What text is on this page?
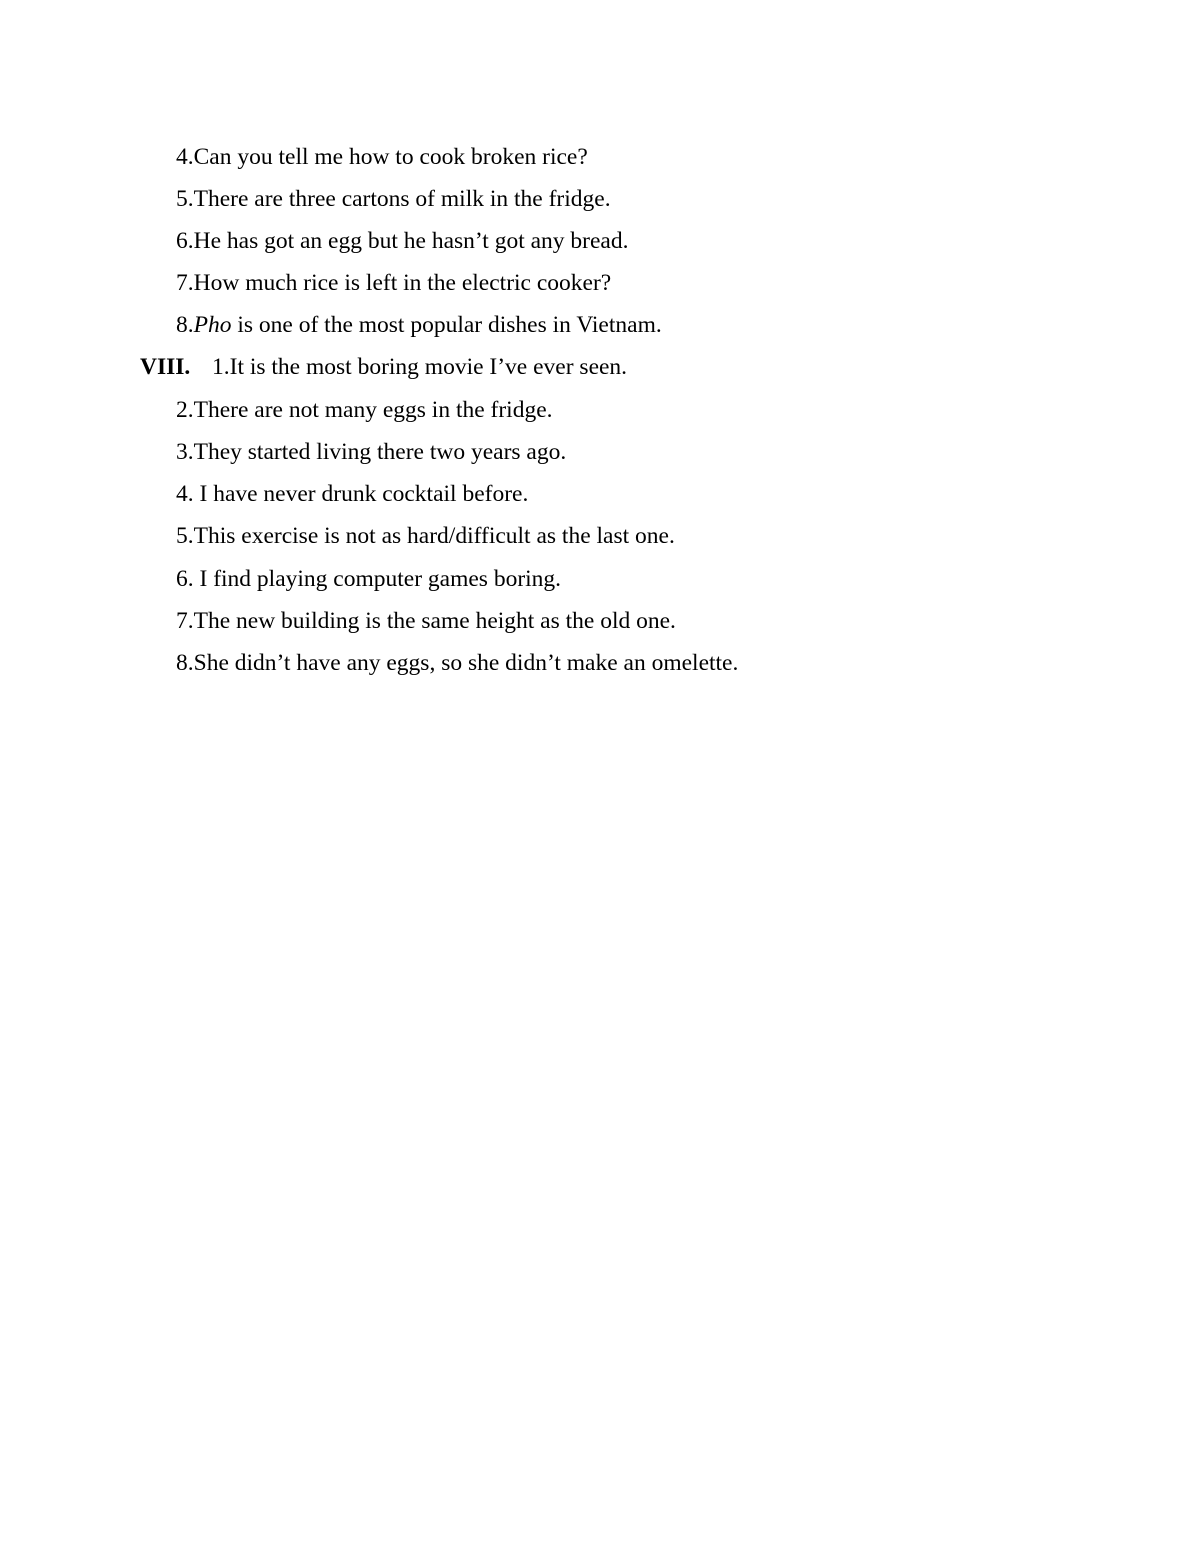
4.Can you tell me how to cook broken rice?
5.There are three cartons of milk in the fridge.
6.He has got an egg but he hasn’t got any bread.
7.How much rice is left in the electric cooker?
8.Pho is one of the most popular dishes in Vietnam.
VIII. 1.It is the most boring movie I’ve ever seen.
2.There are not many eggs in the fridge.
3.They started living there two years ago.
4. I have never drunk cocktail before.
5.This exercise is not as hard/difficult as the last one.
6. I find playing computer games boring.
7.The new building is the same height as the old one.
8.She didn’t have any eggs, so she didn’t make an omelette.
